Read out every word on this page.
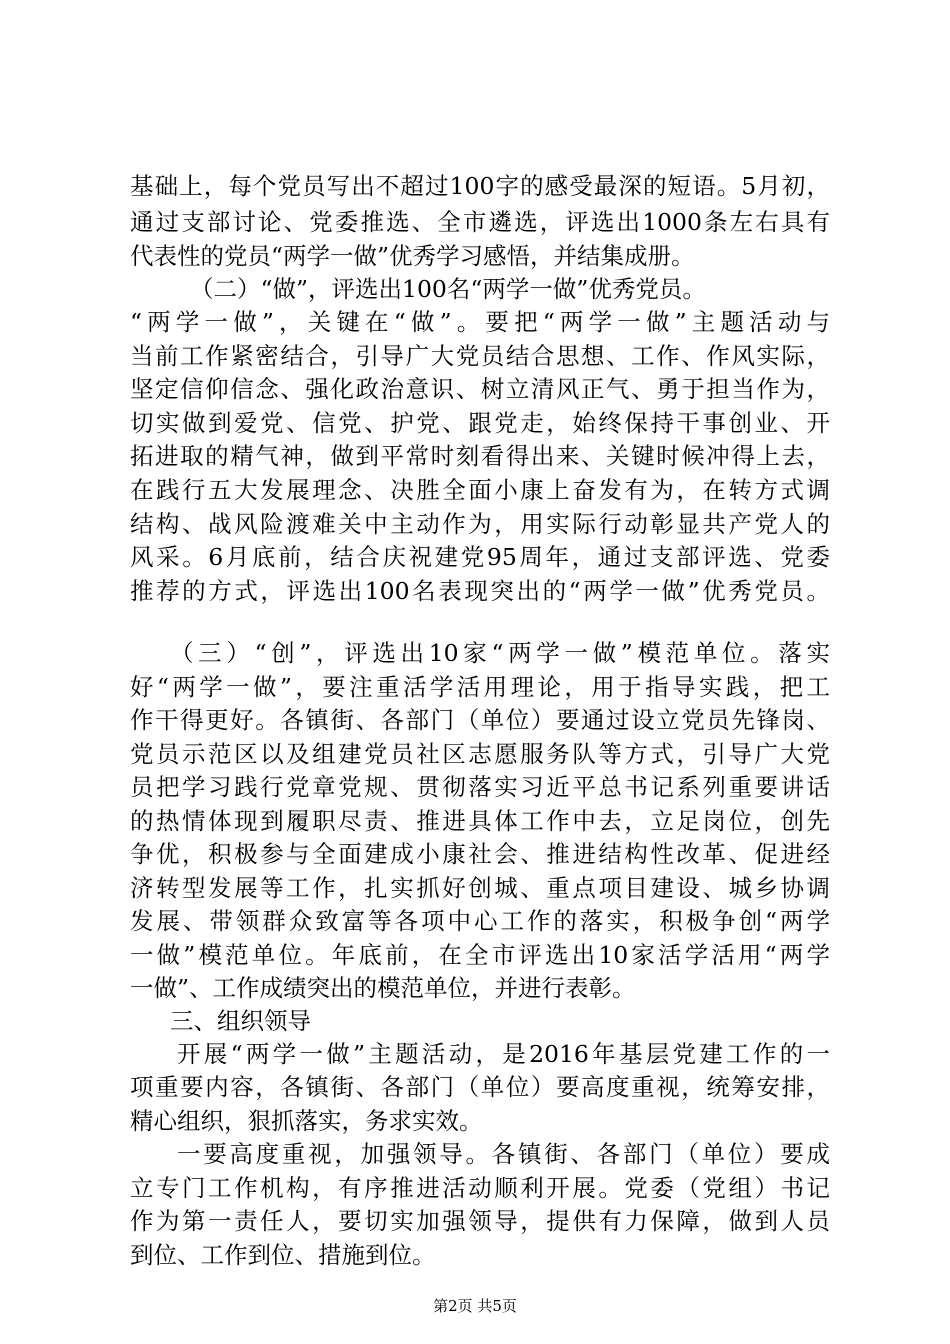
基础上，每个党员写出不超过100字的感受最深的短语。5月初，
通过支部讨论、党委推选、全市遴选，评选出1000条左右具有
代表性的党员“两学一做”优秀学习感悟，并结集成册。
（二）“做”，评选出100名“两学一做”优秀党员。
“两学一做”，关键在“做”。要把“两学一做”主题活动与
当前工作紧密结合，引导广大党员结合思想、工作、作风实际，
坚定信仰信念、强化政治意识、树立清风正气、勇于担当作为，
切实做到爱党、信党、护党、跟党走，始终保持干事创业、开
拓进取的精气神，做到平常时刻看得出来、关键时候冲得上去，
在践行五大发展理念、决胜全面小康上奋发有为，在转方式调
结构、战风险渡难关中主动作为，用实际行动彰显共产党人的
风采。6月底前，结合庆祝建党95周年，通过支部评选、党委
推荐的方式，评选出100名表现突出的“两学一做”优秀党员。
（三）“创”，评选出10家“两学一做”模范单位。落实
好“两学一做”，要注重活学活用理论，用于指导实践，把工
作干得更好。各镇街、各部门（单位）要通过设立党员先锋岗、
党员示范区以及组建党员社区志愿服务队等方式，引导广大党
员把学习践行党章党规、贯彻落实习近平总书记系列重要讲话
的热情体现到履职尽责、推进具体工作中去，立足岗位，创先
争优，积极参与全面建成小康社会、推进结构性改革、促进经
济转型发展等工作，扎实抓好创城、重点项目建设、城乡协调
发展、带领群众致富等各项中心工作的落实，积极争创“两学
一做”模范单位。年底前，在全市评选出10家活学活用“两学
一做”、工作成绩突出的模范单位，并进行表彰。
三、组织领导
开展“两学一做”主题活动，是2016年基层党建工作的一
项重要内容，各镇街、各部门（单位）要高度重视，统筹安排，
精心组织，狠抓落实，务求实效。
一要高度重视，加强领导。各镇街、各部门（单位）要成
立专门工作机构，有序推进活动顺利开展。党委（党组）书记
作为第一责任人，要切实加强领导，提供有力保障，做到人员
到位、工作到位、措施到位。
第2页 共5页
